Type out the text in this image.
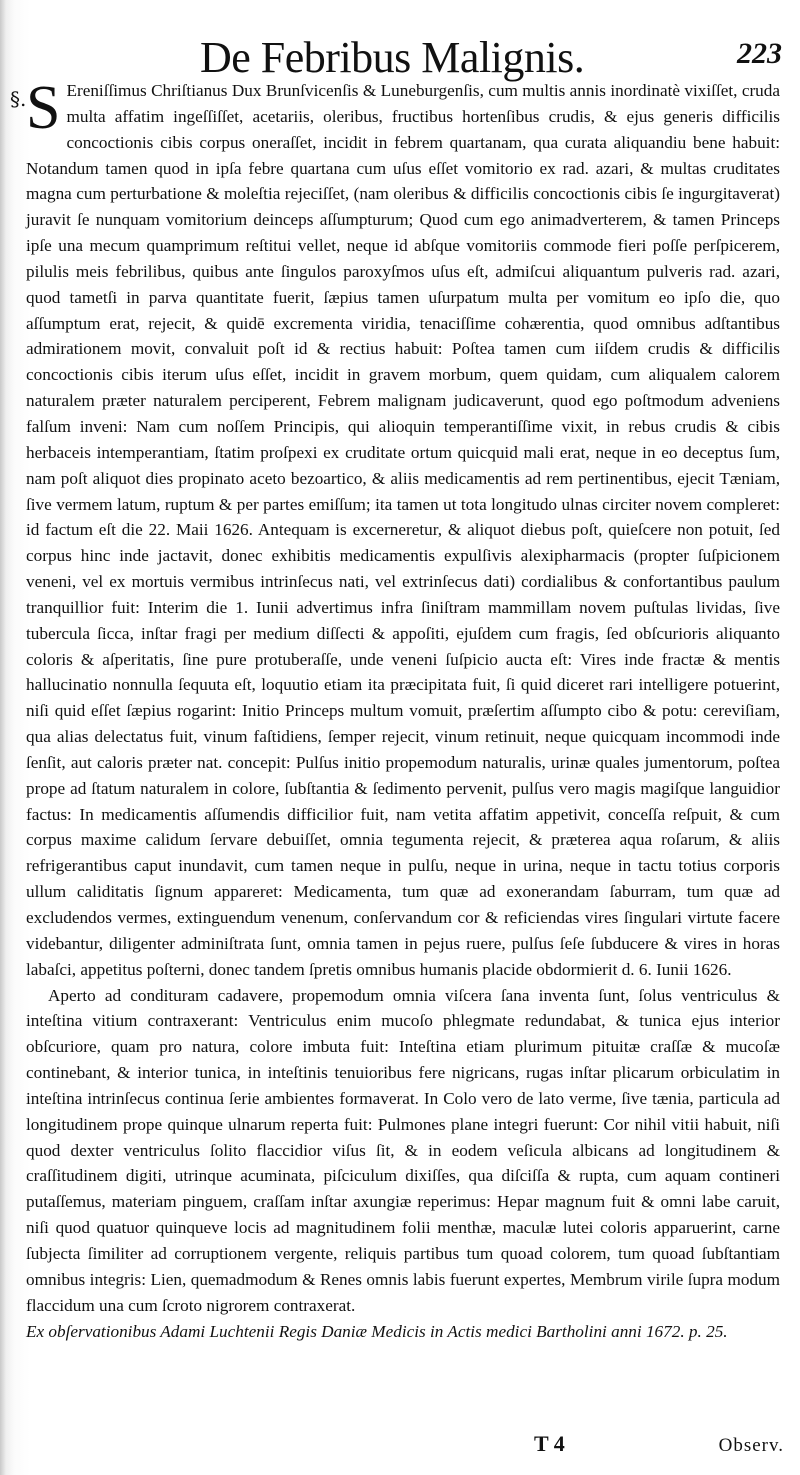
De Febribus Malignis.	223
§. S Ereniſſimus Chriſtianus Dux Brunſvicenſis & Luneburgenſis, cum multis annis inordinatè vixiſſet, cruda multa affatim ingeſſiſſet, acetariis, oleribus, fructibus hortenſibus crudis, & ejus generis difficilis concoctionis cibis corpus oneraſſet, incidit in febrem quartanam, qua curata aliquandiu bene habuit: Notandum tamen quod in ipſa febre quartana cum uſus eſſet vomitorio ex rad. azari, & multas cruditates magna cum perturbatione & moleſtia rejeciſſet, (nam oleribus & difficilis concoctionis cibis ſe ingurgitaverat) juravit ſe nunquam vomitorium deinceps aſſumpturum; Quod cum ego animadverterem, & tamen Princeps ipſe una mecum quamprimum reſtitui vellet, neque id abſque vomitoriis commode fieri poſſe perſpicerem, pilulis meis febrilibus, quibus ante ſingulos paroxyſmos uſus eſt, admiſcui aliquantum pulveris rad. azari, quod tametſi in parva quantitate fuerit, ſæpius tamen uſurpatum multa per vomitum eo ipſo die, quo aſſumptum erat, rejecit, & quidē excrementa viridia, tenaciſſime cohærentia, quod omnibus adſtantibus admirationem movit, convaluit poſt id & rectius habuit: Poſtea tamen cum iiſdem crudis & difficilis concoctionis cibis iterum uſus eſſet, incidit in gravem morbum, quem quidam, cum aliqualem calorem naturalem præter naturalem perciperent, Febrem malignam judicaverunt, quod ego poſtmodum adveniens falſum inveni: Nam cum noſſem Principis, qui alioquin temperantiſſime vixit, in rebus crudis & cibis herbaceis intemperantiam, ſtatim proſpexi ex cruditate ortum quicquid mali erat, neque in eo deceptus ſum, nam poſt aliquot dies propinato aceto bezoartico, & aliis medicamentis ad rem pertinentibus, ejecit Tæniam, ſive vermem latum, ruptum & per partes emiſſum; ita tamen ut tota longitudo ulnas circiter novem compleret: id factum eſt die 22. Maii 1626. Antequam is excerneretur, & aliquot diebus poſt, quieſcere non potuit, ſed corpus hinc inde jactavit, donec exhibitis medicamentis expulſivis alexipharmacis (propter ſuſpicionem veneni, vel ex mortuis vermibus intrinſecus nati, vel extrinſecus dati) cordialibus & confortantibus paulum tranquillior fuit: Interim die 1. Iunii advertimus infra ſiniſtram mammillam novem puſtulas lividas, ſive tubercula ſicca, inſtar fragi per medium diſſecti & appoſiti, ejuſdem cum fragis, ſed obſcurioris aliquanto coloris & aſperitatis, ſine pure protuberaſſe, unde veneni ſuſpicio aucta eſt: Vires inde fractæ & mentis hallucinatio nonnulla ſequuta eſt, loquutio etiam ita præcipitata fuit, ſi quid diceret rari intelligere potuerint, niſi quid eſſet ſæpius rogarint: Initio Princeps multum vomuit, præſertim aſſumpto cibo & potu: cereviſiam, qua alias delectatus fuit, vinum faſtidiens, ſemper rejecit, vinum retinuit, neque quicquam incommodi inde ſenſit, aut caloris præter nat. concepit: Pulſus initio propemodum naturalis, urinæ quales jumentorum, poſtea prope ad ſtatum naturalem in colore, ſubſtantia & ſedimento pervenit, pulſus vero magis magiſque languidior factus: In medicamentis aſſumendis difficilior fuit, nam vetita affatim appetivit, conceſſa reſpuit, & cum corpus maxime calidum ſervare debuiſſet, omnia tegumenta rejecit, & præterea aqua roſarum, & aliis refrigerantibus caput inundavit, cum tamen neque in pulſu, neque in urina, neque in tactu totius corporis ullum caliditatis ſignum appareret: Medicamenta, tum quæ ad exonerandam ſaburram, tum quæ ad excludendos vermes, extinguendum venenum, conſervandum cor & reficiendas vires ſingulari virtute facere videbantur, diligenter adminiſtrata ſunt, omnia tamen in pejus ruere, pulſus ſeſe ſubducere & vires in horas labaſci, appetitus poſterni, donec tandem ſpretis omnibus humanis placide obdormierit d. 6. Iunii 1626.

Aperto ad condituram cadavere, propemodum omnia viſcera ſana inventa ſunt, ſolus ventriculus & inteſtina vitium contraxerant: Ventriculus enim mucoſo phlegmate redundabat, & tunica ejus interior obſcuriore, quam pro natura, colore imbuta fuit: Inteſtina etiam plurimum pituitæ craſſæ & mucoſæ continebant, & interior tunica, in inteſtinis tenuioribus fere nigricans, rugas inſtar plicarum orbiculatim in inteſtina intrinſecus continua ſerie ambientes formaverat. In Colo vero de lato verme, ſive tænia, particula ad longitudinem prope quinque ulnarum reperta fuit: Pulmones plane integri fuerunt: Cor nihil vitii habuit, niſi quod dexter ventriculus ſolito flaccidior viſus ſit, & in eodem veſicula albicans ad longitudinem & craſſitudinem digiti, utrinque acuminata, piſciculum dixiſſes, qua diſciſſa & rupta, cum aquam contineri putaſſemus, materiam pinguem, craſſam inſtar axungiæ reperimus: Hepar magnum fuit & omni labe caruit, niſi quod quatuor quinqueve locis ad magnitudinem folii menthæ, maculæ lutei coloris apparuerint, carne ſubjecta ſimiliter ad corruptionem vergente, reliquis partibus tum quoad colorem, tum quoad ſubſtantiam omnibus integris: Lien, quemadmodum & Renes omnis labis fuerunt expertes, Membrum virile ſupra modum flaccidum una cum ſcroto nigrorem contraxerat.

Ex obſervationibus Adami Luchtenii Regis Daniæ Medicis in Actis medici Bartholini anni 1672. p. 25.

T 4	Observ.
